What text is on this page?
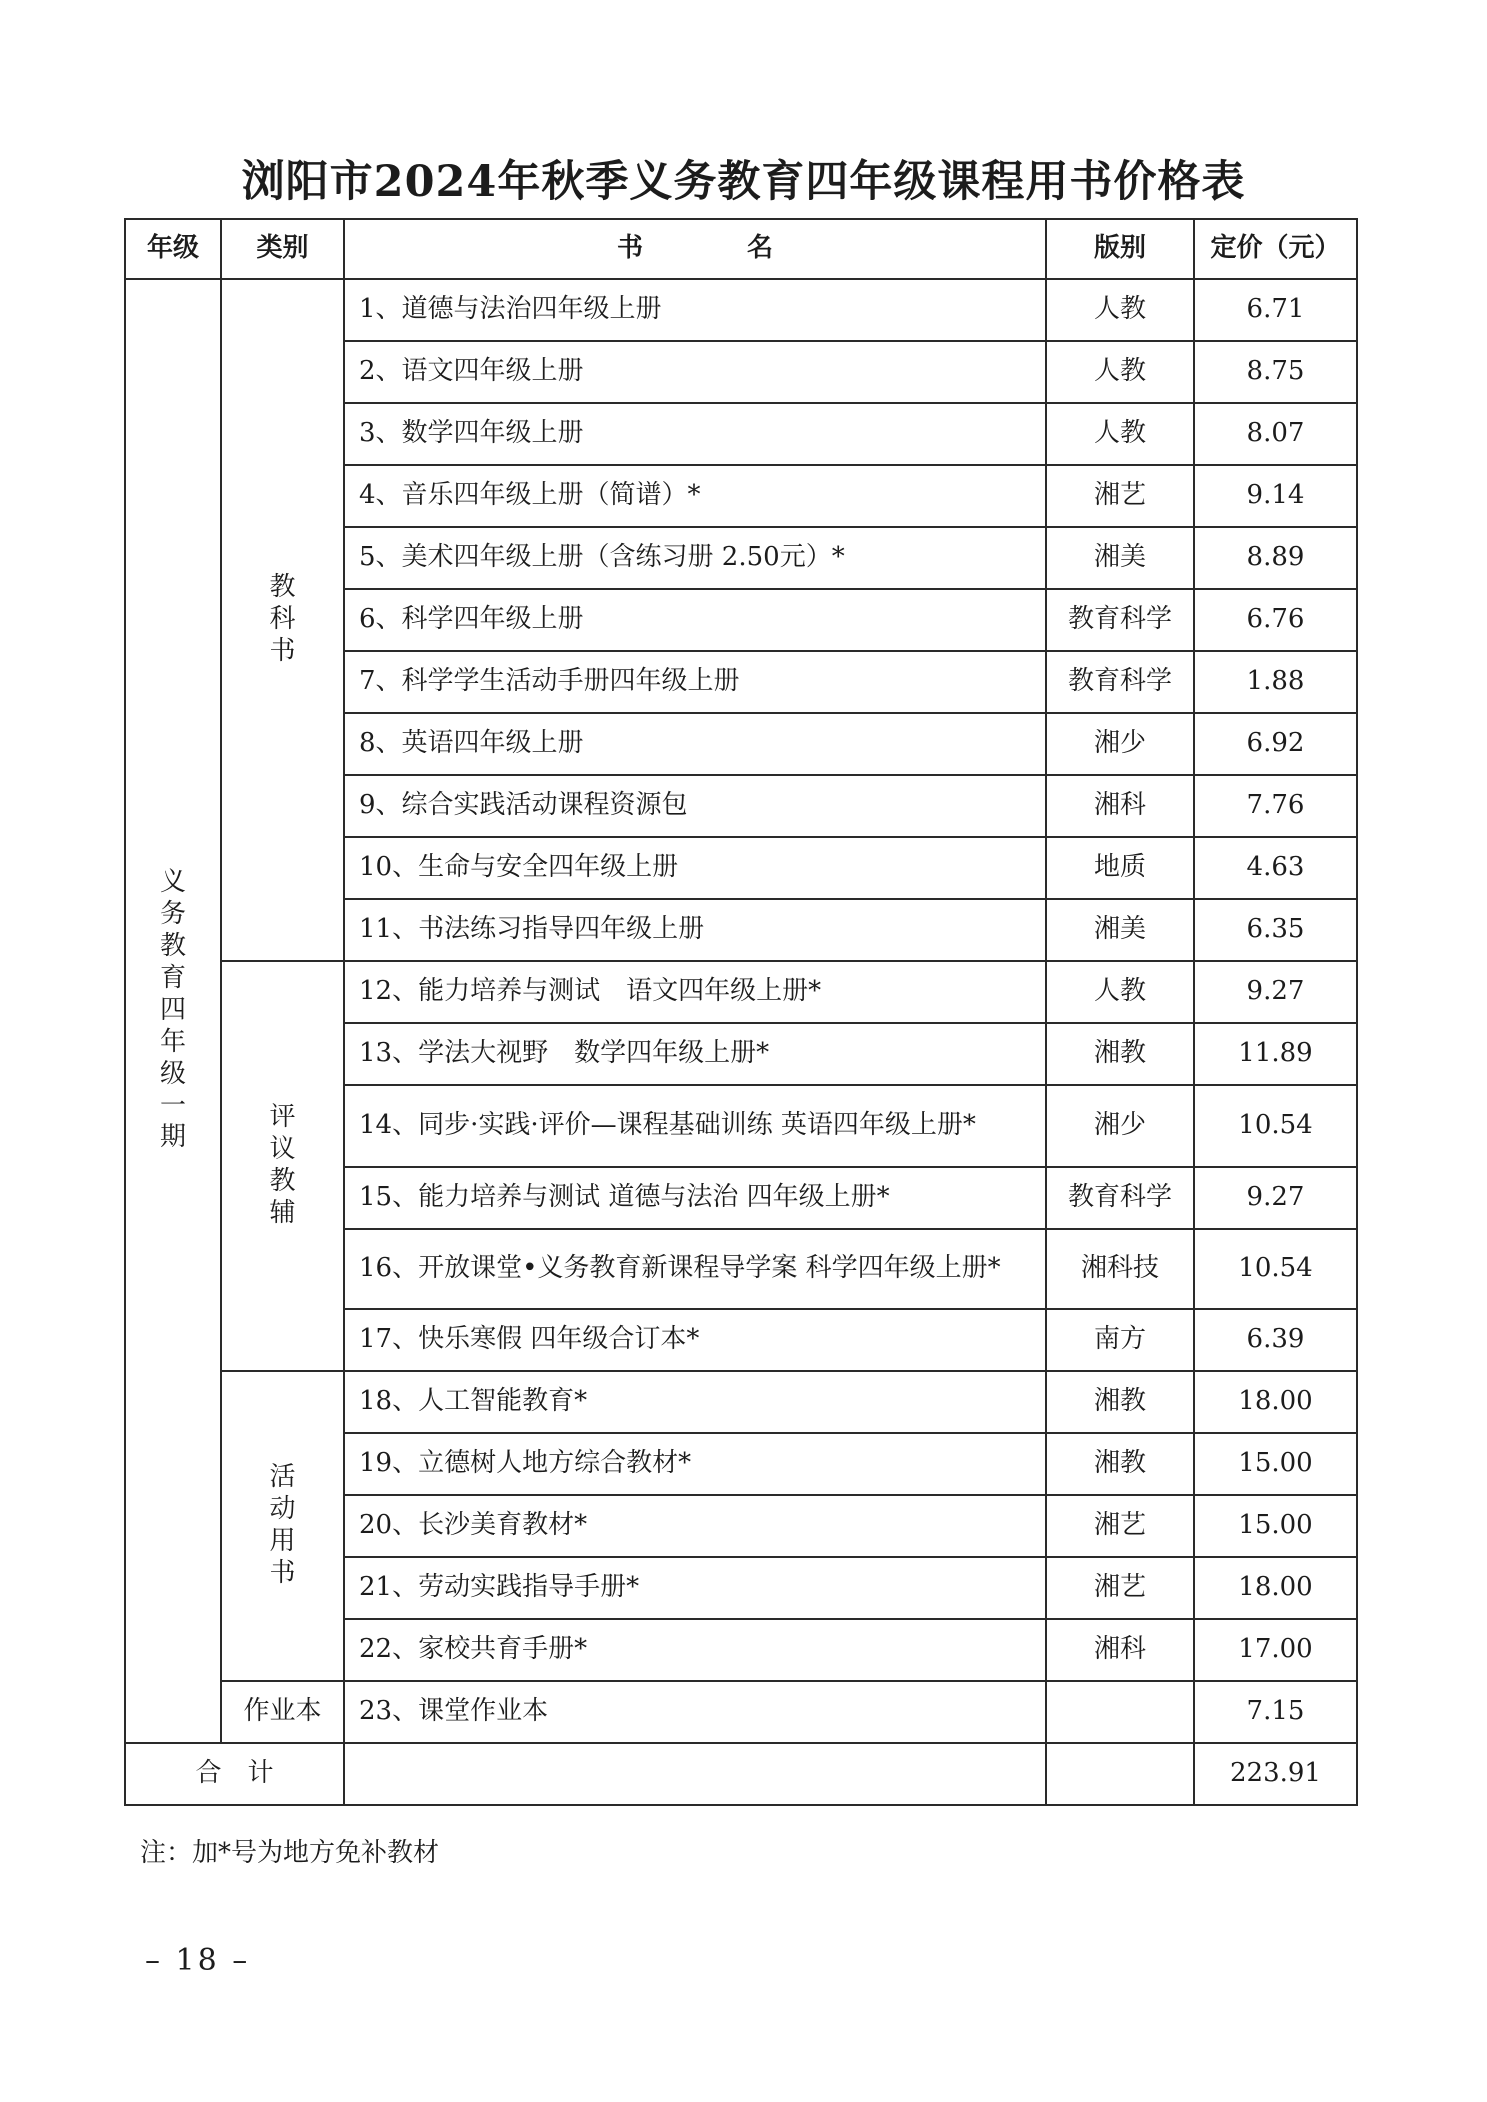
浏阳市2024年秋季义务教育四年级课程用书价格表
年级	类别	书　　　　名	版别	定价（元）
义务教育四年级一期	教科书	1、道德与法治四年级上册	人教	6.71
		2、语文四年级上册	人教	8.75
		3、数学四年级上册	人教	8.07
		4、音乐四年级上册（简谱）*	湘艺	9.14
		5、美术四年级上册（含练习册 2.50元）*	湘美	8.89
		6、科学四年级上册	教育科学	6.76
		7、科学学生活动手册四年级上册	教育科学	1.88
		8、英语四年级上册	湘少	6.92
		9、综合实践活动课程资源包	湘科	7.76
		10、生命与安全四年级上册	地质	4.63
		11、书法练习指导四年级上册	湘美	6.35
	评议教辅	12、能力培养与测试　语文四年级上册*	人教	9.27
		13、学法大视野　数学四年级上册*	湘教	11.89
		14、同步·实践·评价—课程基础训练 英语四年级上册*	湘少	10.54
		15、能力培养与测试 道德与法治 四年级上册*	教育科学	9.27
		16、开放课堂•义务教育新课程导学案 科学四年级上册*	湘科技	10.54
		17、快乐寒假 四年级合订本*	南方	6.39
	活动用书	18、人工智能教育*	湘教	18.00
		19、立德树人地方综合教材*	湘教	15.00
		20、长沙美育教材*	湘艺	15.00
		21、劳动实践指导手册*	湘艺	18.00
		22、家校共育手册*	湘科	17.00
	作业本	23、课堂作业本		7.15
合　计				223.91
注：加*号为地方免补教材
– 18 –
